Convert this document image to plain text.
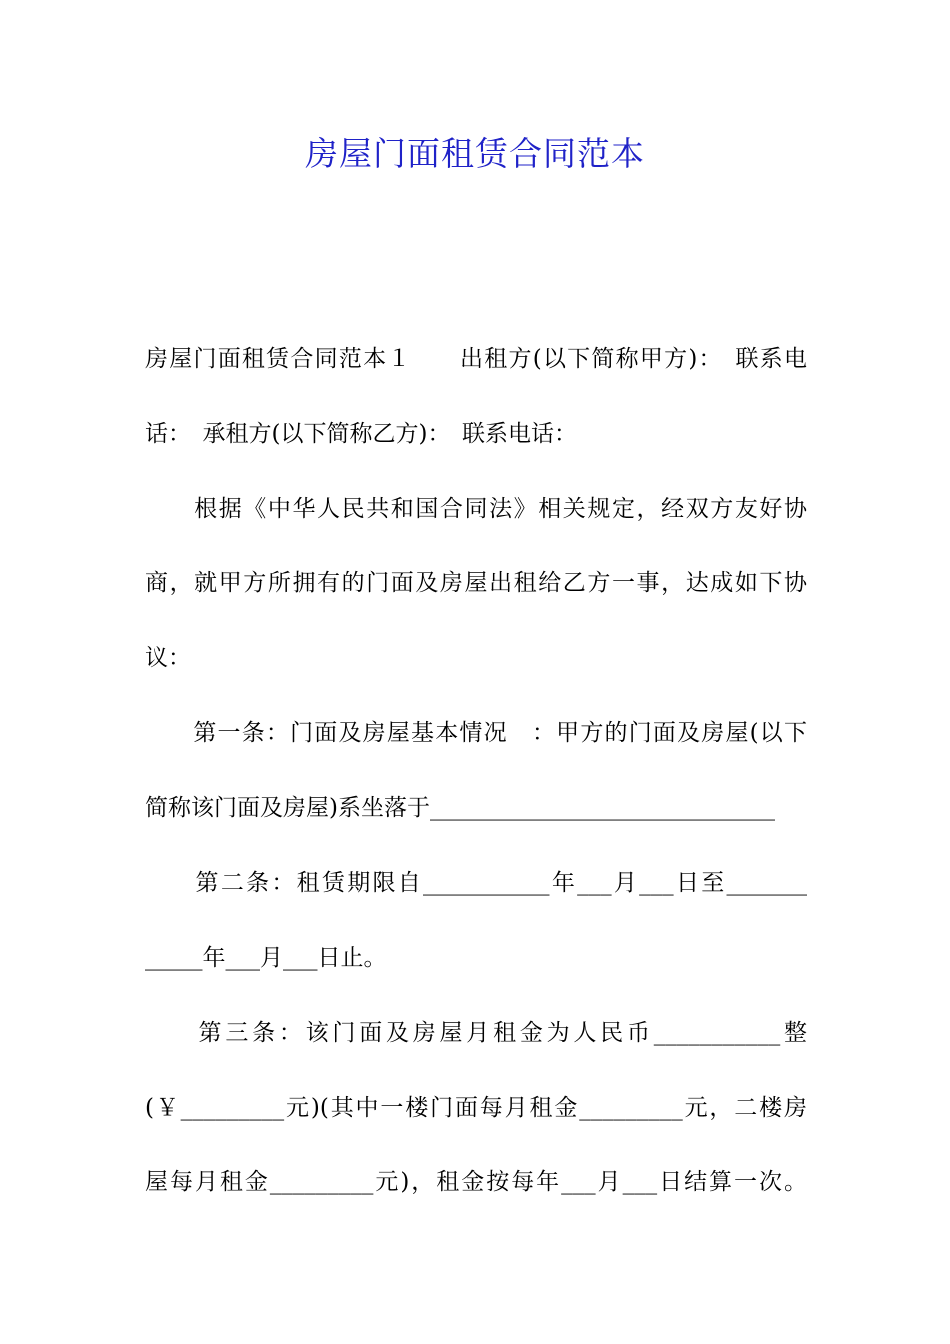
房屋门面租赁合同范本

房屋门面租赁合同范本１　　出租方(以下简称甲方)：　联系电

话：　承租方(以下简称乙方)：　联系电话：

　　根据《中华人民共和国合同法》相关规定，经双方友好协

商，就甲方所拥有的门面及房屋出租给乙方一事，达成如下协

议：

　　第一条：门面及房屋基本情况　：甲方的门面及房屋(以下

简称该门面及房屋)系坐落于______________________________

　　第二条：租赁期限自___________年___月___日至_______

_____年___月___日止。

　　第三条：该门面及房屋月租金为人民币___________整

(￥_________元)(其中一楼门面每月租金_________元，二楼房

屋每月租金_________元)，租金按每年___月___日结算一次。
